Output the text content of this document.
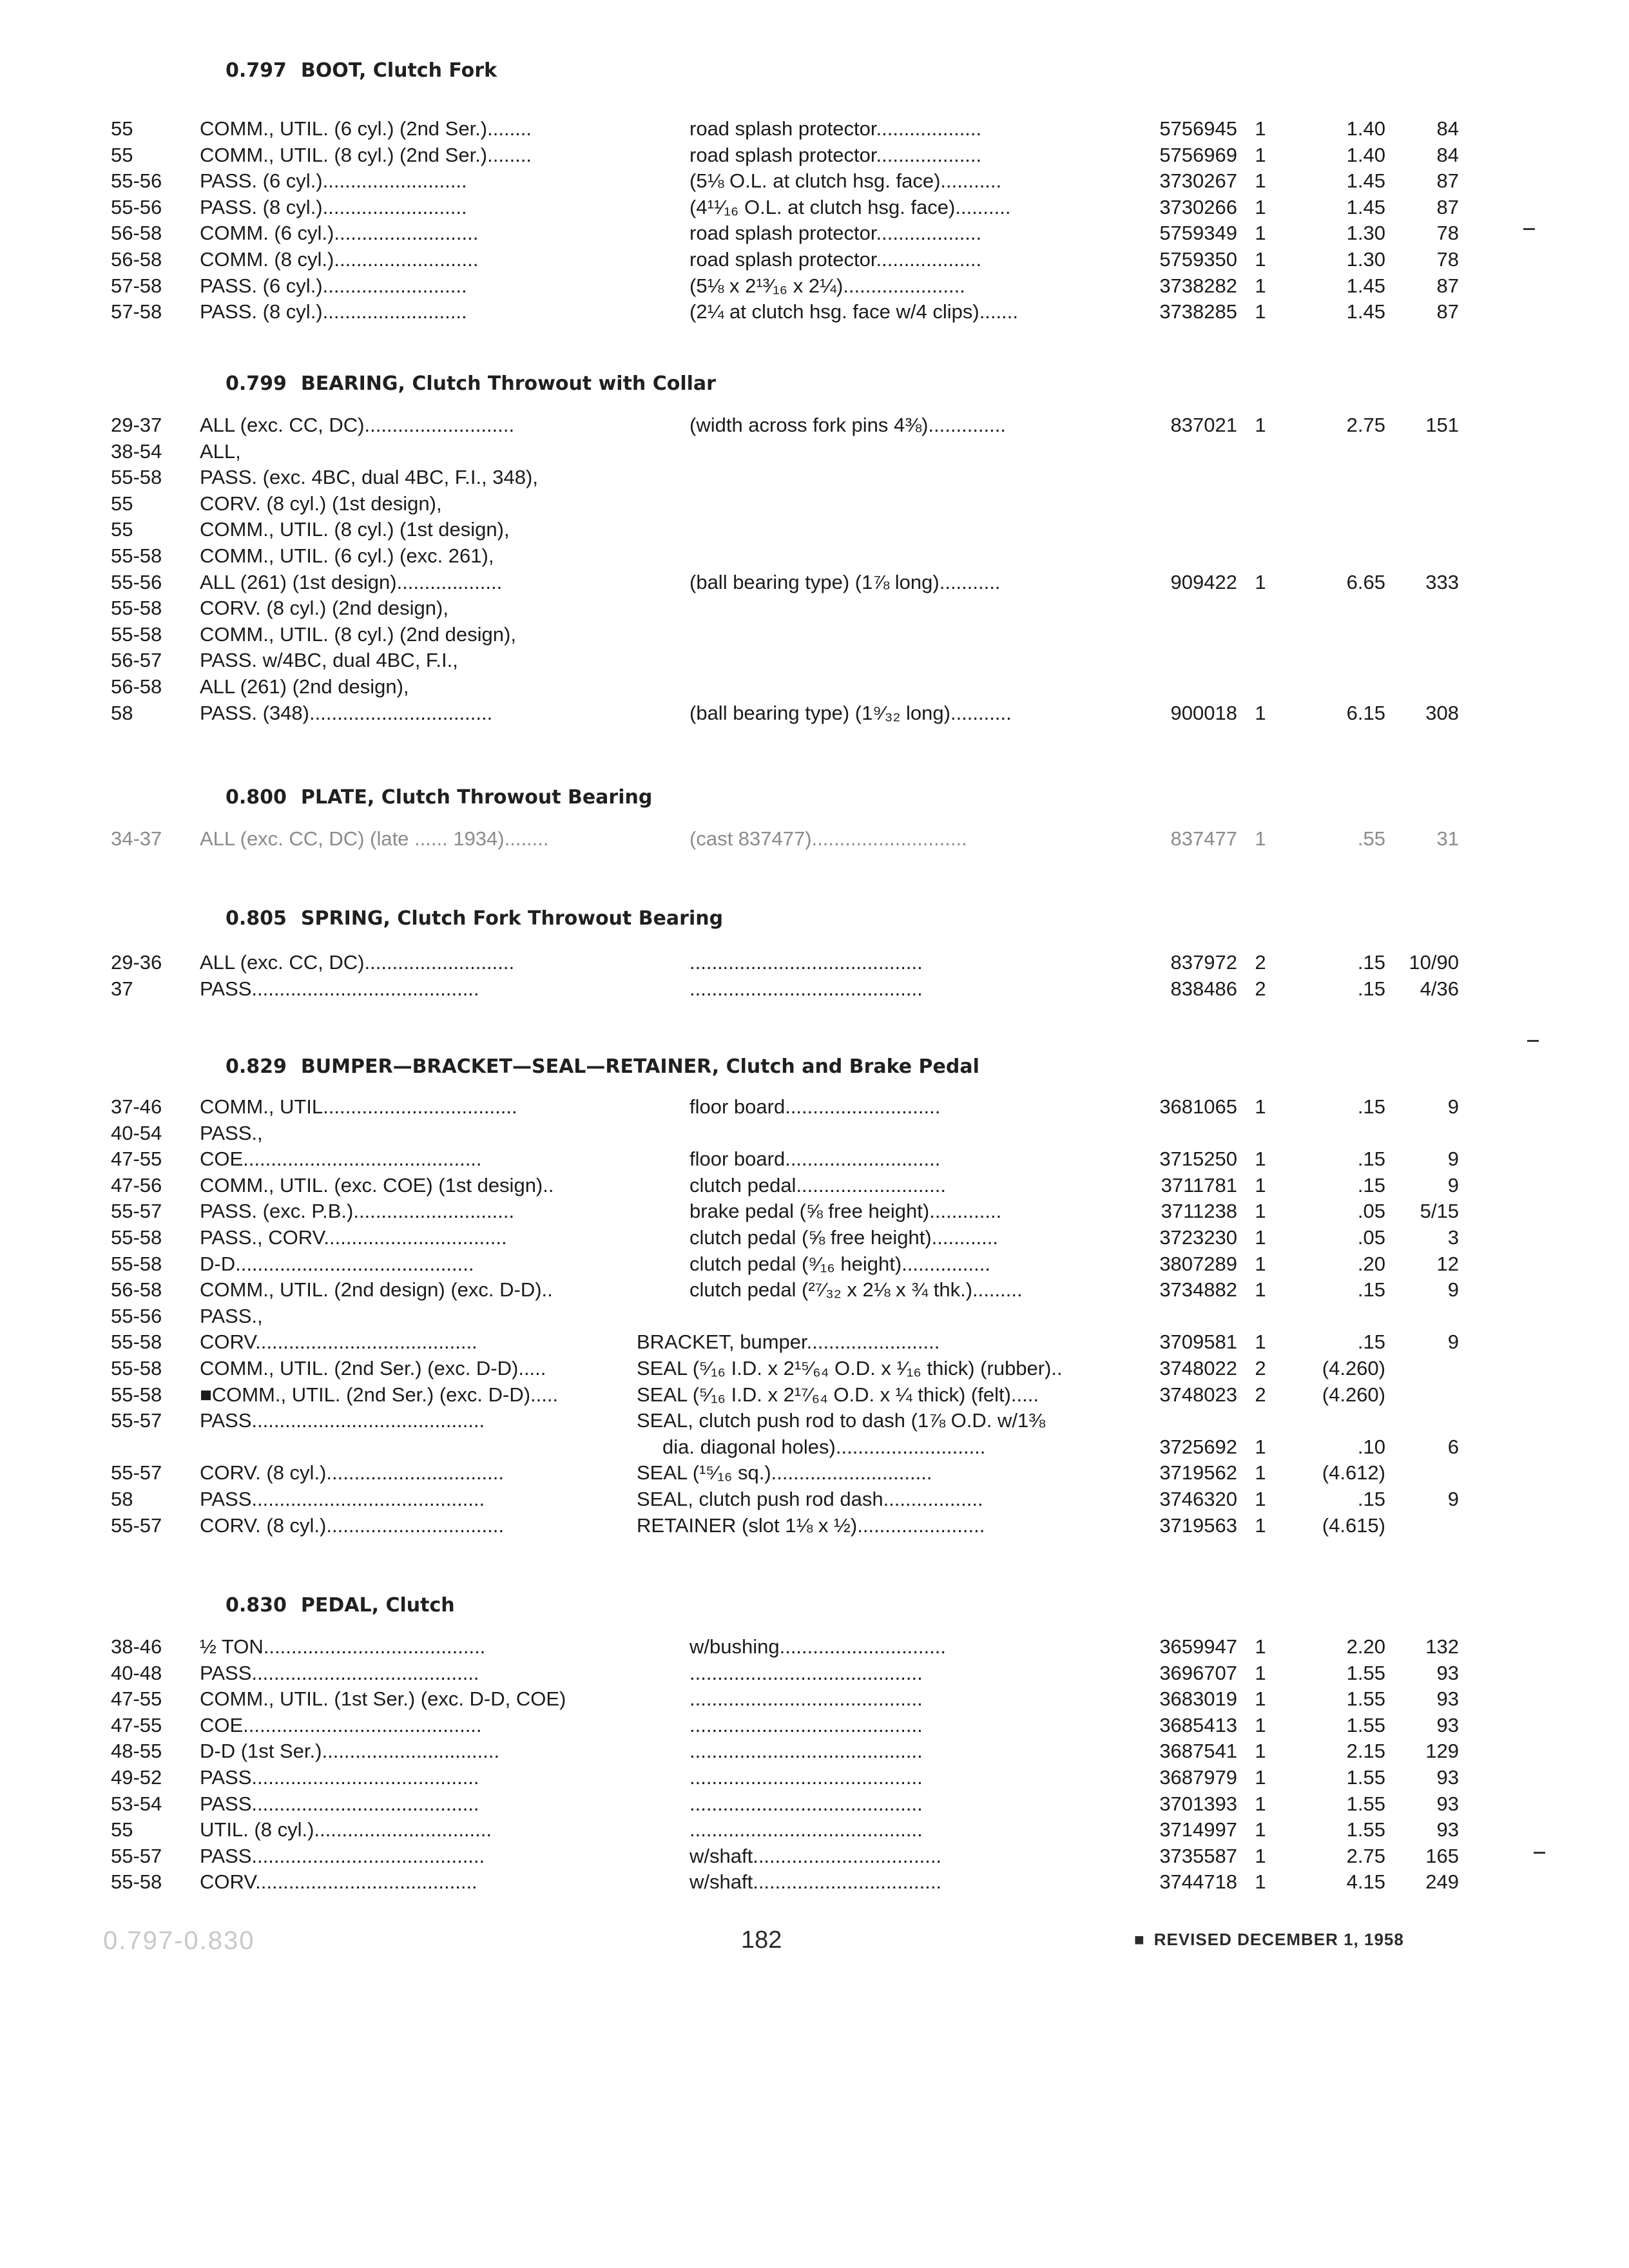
0.797 BOOT, Clutch Fork
55	COMM., UTIL. (6 cyl.) (2nd Ser.)........	road splash protector...................	5756945 1	1.40	84
55	COMM., UTIL. (8 cyl.) (2nd Ser.)........	road splash protector...................	5756969 1	1.40	84
55-56 PASS. (6 cyl.)..........................	(5⅛ O.L. at clutch hsg. face)...........	3730267 1	1.45	87
55-56 PASS. (8 cyl.)..........................	(4¹¹⁄₁₆ O.L. at clutch hsg. face)..........	3730266 1	1.45	87
56-58 COMM. (6 cyl.)..........................	road splash protector...................	5759349 1	1.30	78
56-58 COMM. (8 cyl.)..........................	road splash protector...................	5759350 1	1.30	78
57-58 PASS. (6 cyl.)..........................	(5⅛ x 2¹³⁄₁₆ x 2¼)......................	3738282 1	1.45	87
57-58 PASS. (8 cyl.)..........................	(2¼ at clutch hsg. face w/4 clips).......	3738285 1	1.45	87
0.799 BEARING, Clutch Throwout with Collar
29-37 ALL (exc. CC, DC)...........................	(width across fork pins 4⅜)..............	837021 1	2.75	151
38-54 ALL,
55-58 PASS. (exc. 4BC, dual 4BC, F.I., 348),
55	CORV. (8 cyl.) (1st design),
55	COMM., UTIL. (8 cyl.) (1st design),
55-58 COMM., UTIL. (6 cyl.) (exc. 261),
55-56 ALL (261) (1st design)...................	(ball bearing type) (1⅞ long)...........	909422 1	6.65	333
55-58 CORV. (8 cyl.) (2nd design),
55-58 COMM., UTIL. (8 cyl.) (2nd design),
56-57 PASS. w/4BC, dual 4BC, F.I.,
56-58 ALL (261) (2nd design),
58	PASS. (348).................................	(ball bearing type) (1⁹⁄₃₂ long)...........	900018 1	6.15	308
0.800 PLATE, Clutch Throwout Bearing
34-37 ALL (exc. CC, DC) (late ...... 1934)........	(cast 837477)............................	837477 1	.55	31
0.805 SPRING, Clutch Fork Throwout Bearing
29-36 ALL (exc. CC, DC)...........................	..........................................	837972 2	.15 10/90
37	PASS.........................................	..........................................	838486 2	.15	4/36
0.829 BUMPER—BRACKET—SEAL—RETAINER, Clutch and Brake Pedal
37-46 COMM., UTIL...................................	floor board............................	3681065 1	.15	9
40-54 PASS.,
47-55 COE...........................................	floor board............................	3715250 1	.15	9
47-56 COMM., UTIL. (exc. COE) (1st design)..	clutch pedal...........................	3711781 1	.15	9
55-57 PASS. (exc. P.B.).............................	brake pedal (⅝ free height).............	3711238 1	.05	5/15
55-58 PASS., CORV.................................	clutch pedal (⅝ free height)............	3723230 1	.05	3
55-58 D-D...........................................	clutch pedal (⁹⁄₁₆ height)................	3807289 1	.20	12
56-58 COMM., UTIL. (2nd design) (exc. D-D)..	clutch pedal (²⁷⁄₃₂ x 2⅛ x ¾ thk.).........	3734882 1	.15	9
55-56 PASS.,
55-58 CORV........................................	BRACKET, bumper........................	3709581 1	.15	9
55-58 COMM., UTIL. (2nd Ser.) (exc. D-D).....	SEAL (⁵⁄₁₆ I.D. x 2¹⁵⁄₆₄ O.D. x ¹⁄₁₆ thick) (rubber)..	3748022 2	(4.260)
55-58 ■COMM., UTIL. (2nd Ser.) (exc. D-D).....	SEAL (⁵⁄₁₆ I.D. x 2¹⁷⁄₆₄ O.D. x ¼ thick) (felt).....	3748023 2	(4.260)
55-57 PASS..........................................	SEAL, clutch push rod to dash (1⅞ O.D. w/1⅜
dia. diagonal holes)...........................	3725692 1	.10	6
55-57 CORV. (8 cyl.)................................	SEAL (¹⁵⁄₁₆ sq.).............................	3719562 1	(4.612)
58	PASS..........................................	SEAL, clutch push rod dash..................	3746320 1	.15	9
55-57 CORV. (8 cyl.)................................	RETAINER (slot 1⅛ x ½).......................	3719563 1	(4.615)
0.830 PEDAL, Clutch
38-46 ½ TON........................................	w/bushing..............................	3659947 1	2.20	132
40-48 PASS.........................................	..........................................	3696707 1	1.55	93
47-55 COMM., UTIL. (1st Ser.) (exc. D-D, COE)	..........................................	3683019 1	1.55	93
47-55 COE...........................................	..........................................	3685413 1	1.55	93
48-55 D-D (1st Ser.)................................	..........................................	3687541 1	2.15	129
49-52 PASS.........................................	..........................................	3687979 1	1.55	93
53-54 PASS.........................................	..........................................	3701393 1	1.55	93
55	UTIL. (8 cyl.)................................	..........................................	3714997 1	1.55	93
55-57 PASS..........................................	w/shaft..................................	3735587 1	2.75	165
55-58 CORV........................................	w/shaft..................................	3744718 1	4.15	249
0.797-0.830	182	■ REVISED DECEMBER 1, 1958
